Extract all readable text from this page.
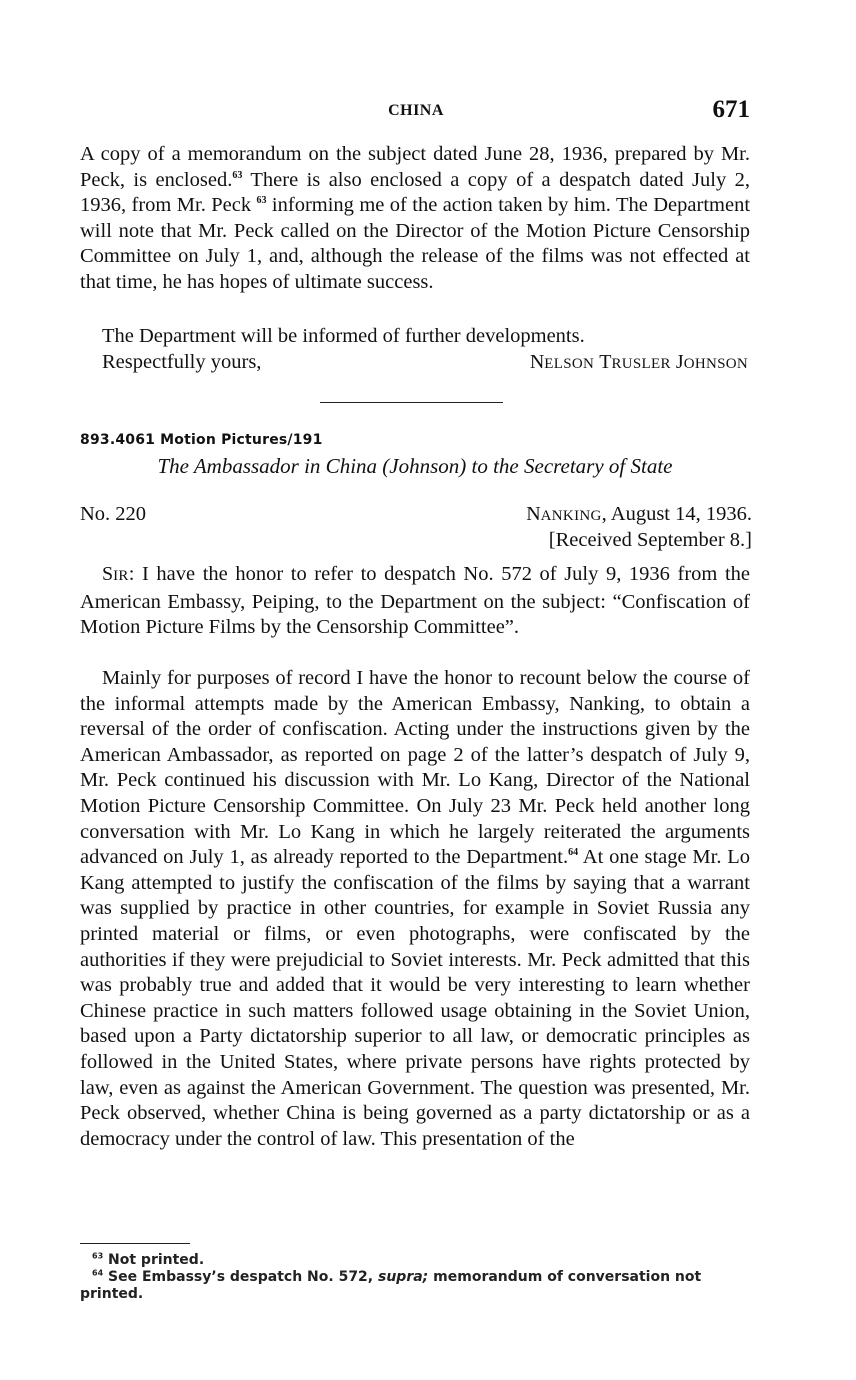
CHINA	671

A copy of a memorandum on the subject dated June 28, 1936, prepared by Mr. Peck, is enclosed.$^{63}$ There is also enclosed a copy of a despatch dated July 2, 1936, from Mr. Peck $^{63}$ informing me of the action taken by him. The Department will note that Mr. Peck called on the Director of the Motion Picture Censorship Committee on July 1, and, although the release of the films was not effected at that time, he has hopes of ultimate success.

The Department will be informed of further developments.

Respectfully yours,	NELSON TRUSLER JOHNSON
893.4061 Motion Pictures/191
The Ambassador in China (Johnson) to the Secretary of State
No. 220	NANKING, August 14, 1936.
[Received September 8.]

SIR: I have the honor to refer to despatch No. 572 of July 9, 1936 from the American Embassy, Peiping, to the Department on the subject: “Confiscation of Motion Picture Films by the Censorship Committee”.

Mainly for purposes of record I have the honor to recount below the course of the informal attempts made by the American Embassy, Nanking, to obtain a reversal of the order of confiscation. Acting under the instructions given by the American Ambassador, as reported on page 2 of the latter’s despatch of July 9, Mr. Peck continued his discussion with Mr. Lo Kang, Director of the National Motion Picture Censorship Committee. On July 23 Mr. Peck held another long conversation with Mr. Lo Kang in which he largely reiterated the arguments advanced on July 1, as already reported to the Department.$^{64}$ At one stage Mr. Lo Kang attempted to justify the confiscation of the films by saying that a warrant was supplied by practice in other countries, for example in Soviet Russia any printed material or films, or even photographs, were confiscated by the authorities if they were prejudicial to Soviet interests. Mr. Peck admitted that this was probably true and added that it would be very interesting to learn whether Chinese practice in such matters followed usage obtaining in the Soviet Union, based upon a Party dictatorship superior to all law, or democratic principles as followed in the United States, where private persons have rights protected by law, even as against the American Government. The question was presented, Mr. Peck observed, whether China is being governed as a party dictatorship or as a democracy under the control of law. This presentation of the

$^{63}$ Not printed.

$^{64}$ See Embassy’s despatch No. 572, supra; memorandum of conversation not printed.
